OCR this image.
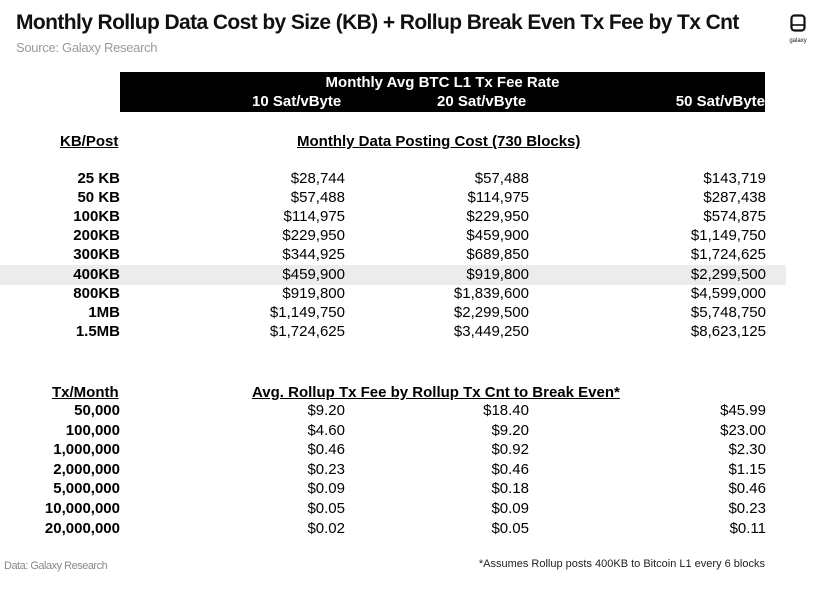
Monthly Rollup Data Cost by Size (KB) + Rollup Break Even Tx Fee by Tx Cnt
Source: Galaxy Research	galaxy
Monthly Avg BTC L1 Tx Fee Rate
10 Sat/vByte	20 Sat/vByte	50 Sat/vByte
KB/Post	Monthly Data Posting Cost (730 Blocks)
25 KB	$28,744	$57,488	$143,719
50 KB	$57,488	$114,975	$287,438
100KB	$114,975	$229,950	$574,875
200KB	$229,950	$459,900	$1,149,750
300KB	$344,925	$689,850	$1,724,625
400KB	$459,900	$919,800	$2,299,500
800KB	$919,800	$1,839,600	$4,599,000
1MB	$1,149,750	$2,299,500	$5,748,750
1.5MB	$1,724,625	$3,449,250	$8,623,125
Tx/Month	Avg. Rollup Tx Fee by Rollup Tx Cnt to Break Even*
50,000	$9.20	$18.40	$45.99
100,000	$4.60	$9.20	$23.00
1,000,000	$0.46	$0.92	$2.30
2,000,000	$0.23	$0.46	$1.15
5,000,000	$0.09	$0.18	$0.46
10,000,000	$0.05	$0.09	$0.23
20,000,000	$0.02	$0.05	$0.11
*Assumes Rollup posts 400KB to Bitcoin L1 every 6 blocks
Data: Galaxy Research
